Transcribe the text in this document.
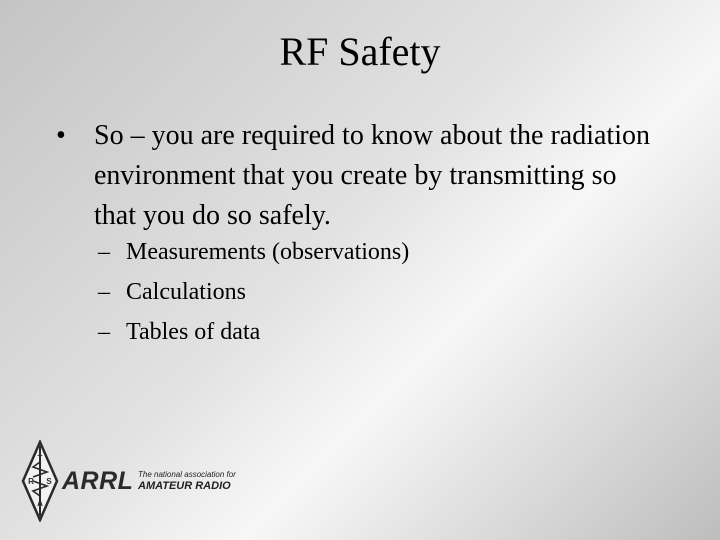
RF Safety
• So – you are required to know about the radiation environment that you create by transmitting so that you do so safely.
– Measurements (observations)
– Calculations
– Tables of data
T
R S
A
ARRL The national association for
AMATEUR RADIO
